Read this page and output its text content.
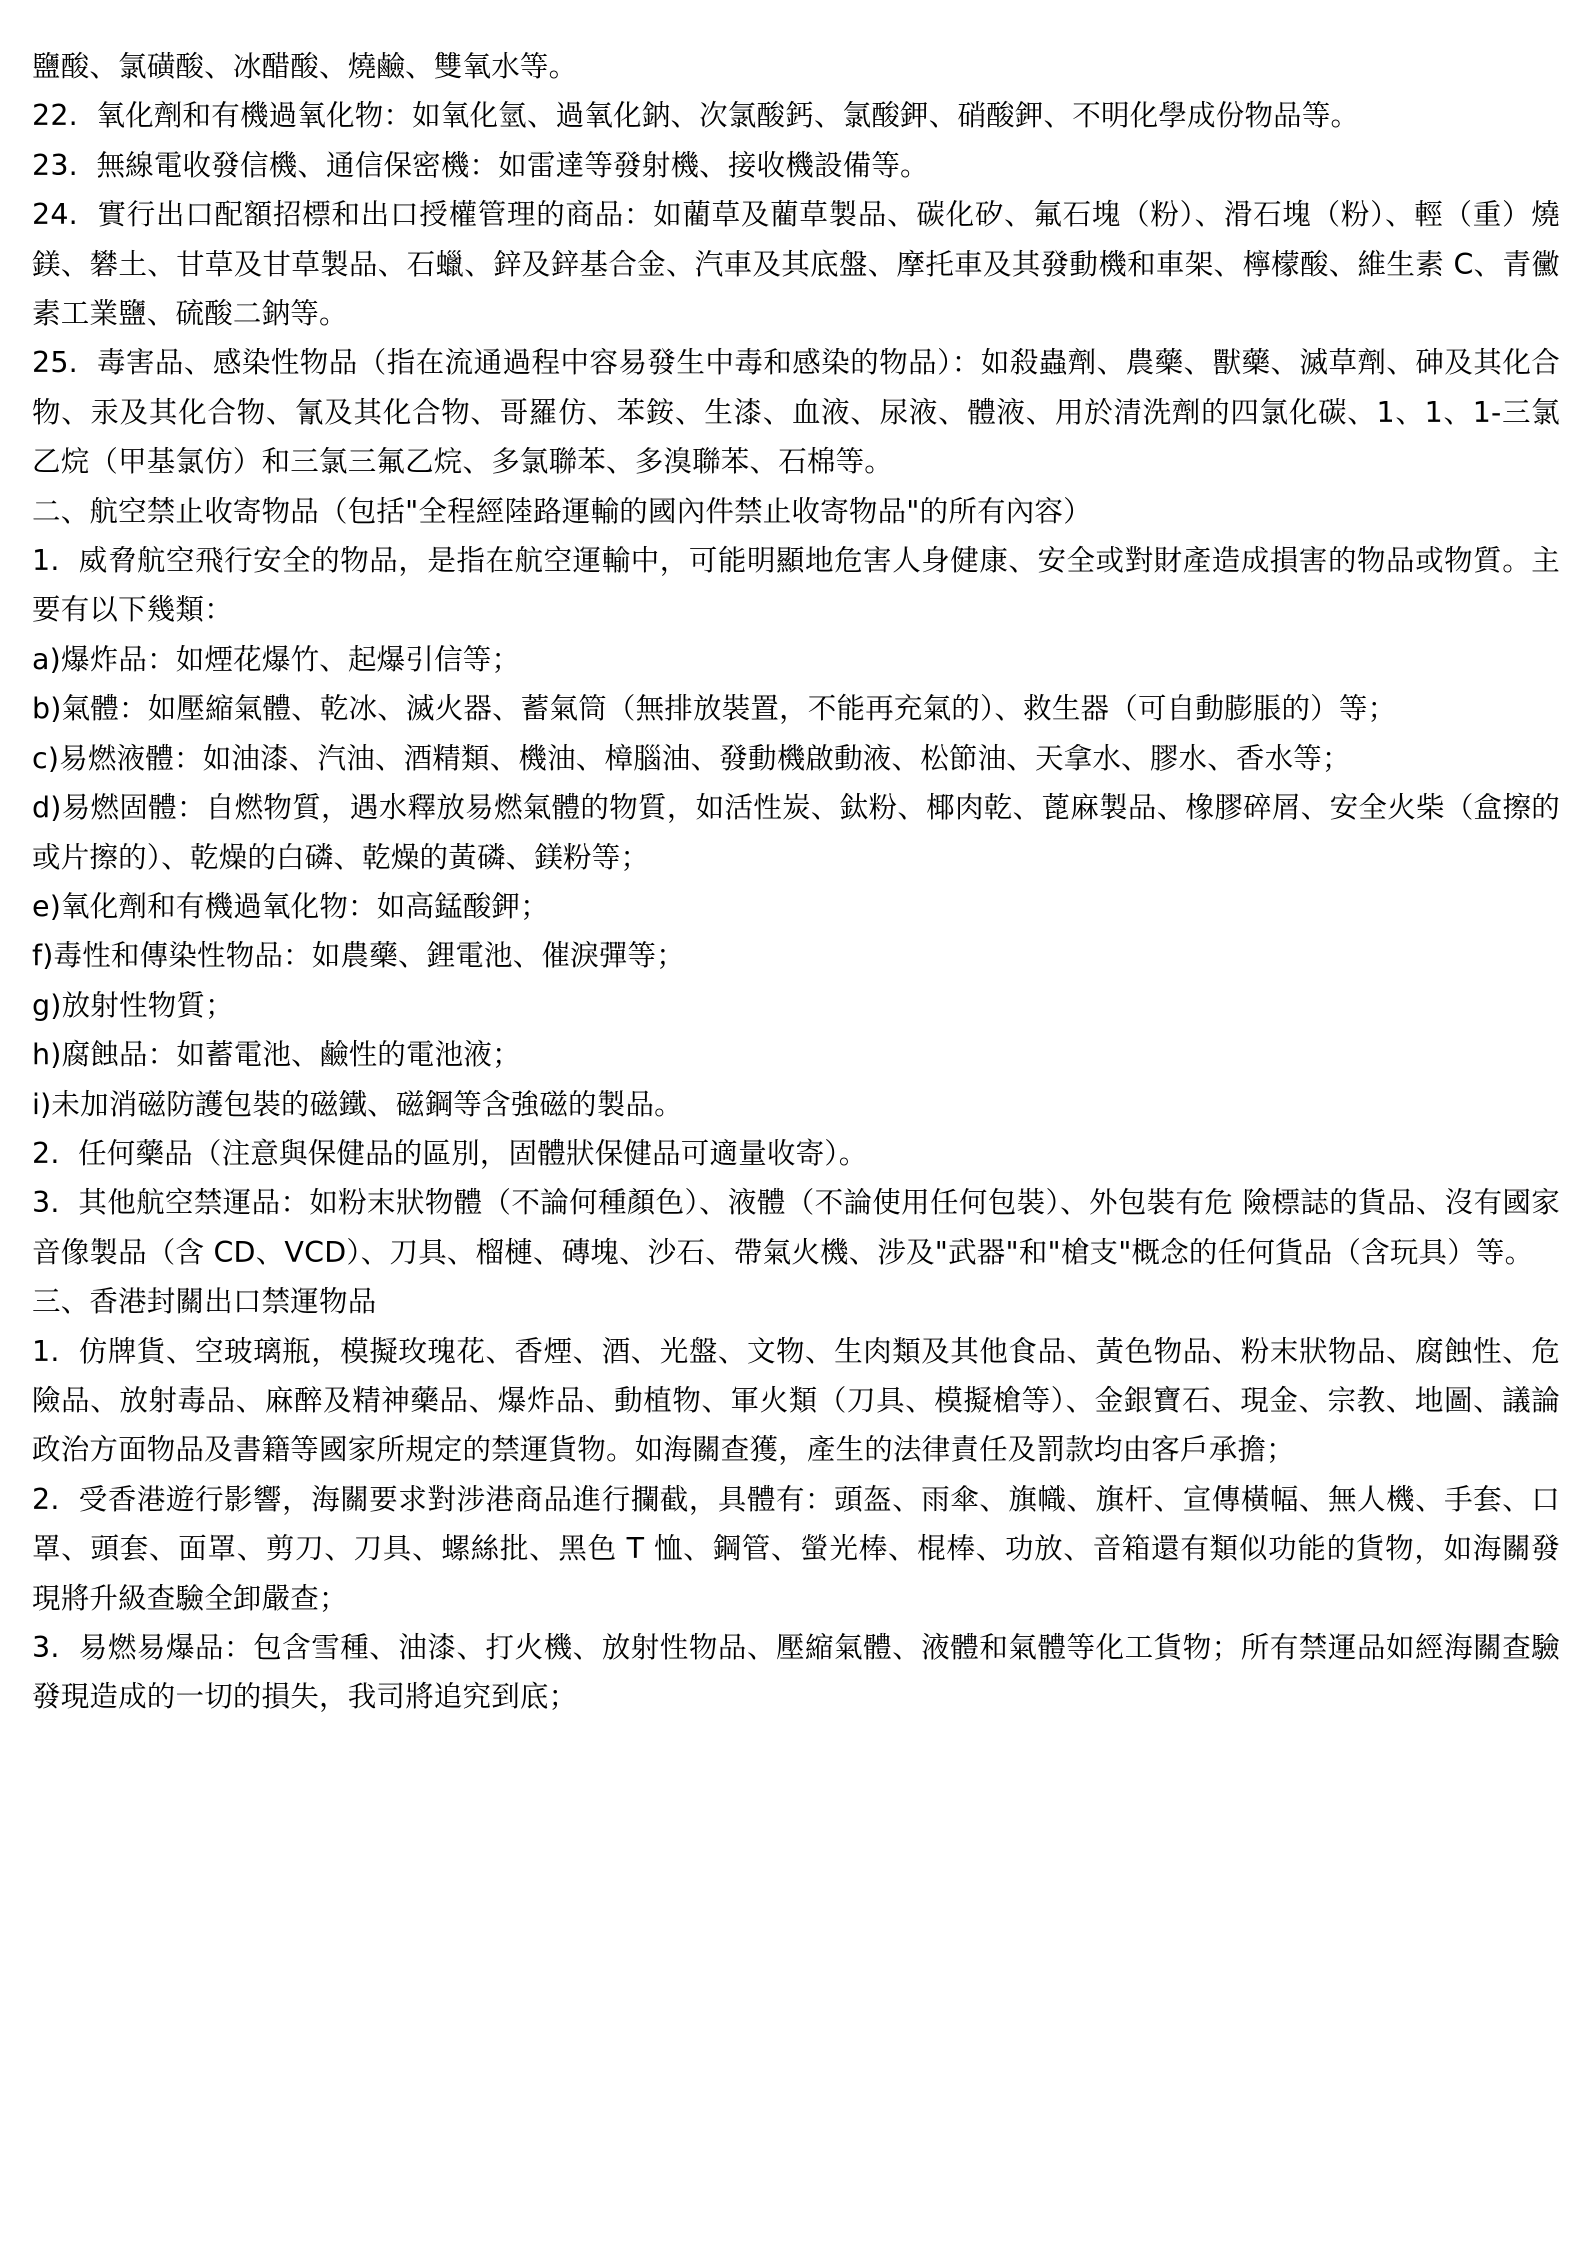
鹽酸、氯磺酸、冰醋酸、燒鹼、雙氧水等。

22.  氧化劑和有機過氧化物：如氧化氫、過氧化鈉、次氯酸鈣、氯酸鉀、硝酸鉀、不明化學成份物品等。

23.  無線電收發信機、通信保密機：如雷達等發射機、接收機設備等。

24.  實行出口配額招標和出口授權管理的商品：如藺草及藺草製品、碳化矽、氟石塊（粉）、滑石塊（粉）、輕（重）燒鎂、礬土、甘草及甘草製品、石蠟、鋅及鋅基合金、汽車及其底盤、摩托車及其發動機和車架、檸檬酸、維生素 C、青黴素工業鹽、硫酸二鈉等。

25.  毒害品、感染性物品（指在流通過程中容易發生中毒和感染的物品）：如殺蟲劑、農藥、獸藥、滅草劑、砷及其化合物、汞及其化合物、氰及其化合物、哥羅仿、苯銨、生漆、血液、尿液、體液、用於清洗劑的四氯化碳、1、1、1-三氯乙烷（甲基氯仿）和三氯三氟乙烷、多氯聯苯、多溴聯苯、石棉等。

二、航空禁止收寄物品（包括"全程經陸路運輸的國內件禁止收寄物品"的所有內容）

1.  威脅航空飛行安全的物品，是指在航空運輸中，可能明顯地危害人身健康、安全或對財產造成損害的物品或物質。主要有以下幾類：

a)爆炸品：如煙花爆竹、起爆引信等；

b)氣體：如壓縮氣體、乾冰、滅火器、蓄氣筒（無排放裝置，不能再充氣的）、救生器（可自動膨脹的）等；

c)易燃液體：如油漆、汽油、酒精類、機油、樟腦油、發動機啟動液、松節油、天拿水、膠水、香水等；

d)易燃固體：自燃物質，遇水釋放易燃氣體的物質，如活性炭、鈦粉、椰肉乾、蓖麻製品、橡膠碎屑、安全火柴（盒擦的或片擦的）、乾燥的白磷、乾燥的黃磷、鎂粉等；

e)氧化劑和有機過氧化物：如高錳酸鉀；

f)毒性和傳染性物品：如農藥、鋰電池、催淚彈等；

g)放射性物質；

h)腐蝕品：如蓄電池、鹼性的電池液；

i)未加消磁防護包裝的磁鐵、磁鋼等含強磁的製品。

2.  任何藥品（注意與保健品的區別，固體狀保健品可適量收寄）。

3.  其他航空禁運品：如粉末狀物體（不論何種顏色）、液體（不論使用任何包裝）、外包裝有危 險標誌的貨品、沒有國家音像製品（含 CD、VCD）、刀具、榴槤、磚塊、沙石、帶氣火機、涉及"武器"和"槍支"概念的任何貨品（含玩具）等。

三、香港封關出口禁運物品

1.  仿牌貨、空玻璃瓶，模擬玫瑰花、香煙、酒、光盤、文物、生肉類及其他食品、黃色物品、粉末狀物品、腐蝕性、危險品、放射毒品、麻醉及精神藥品、爆炸品、動植物、軍火類（刀具、模擬槍等）、金銀寶石、現金、宗教、地圖、議論政治方面物品及書籍等國家所規定的禁運貨物。如海關查獲，產生的法律責任及罰款均由客戶承擔；

2.  受香港遊行影響，海關要求對涉港商品進行攔截，具體有：頭盔、雨傘、旗幟、旗杆、宣傳橫幅、無人機、手套、口罩、頭套、面罩、剪刀、刀具、螺絲批、黑色 T 恤、鋼管、螢光棒、棍棒、功放、音箱還有類似功能的貨物，如海關發現將升級查驗全卸嚴查；

3.  易燃易爆品：包含雪種、油漆、打火機、放射性物品、壓縮氣體、液體和氣體等化工貨物；所有禁運品如經海關查驗發現造成的一切的損失，我司將追究到底；
